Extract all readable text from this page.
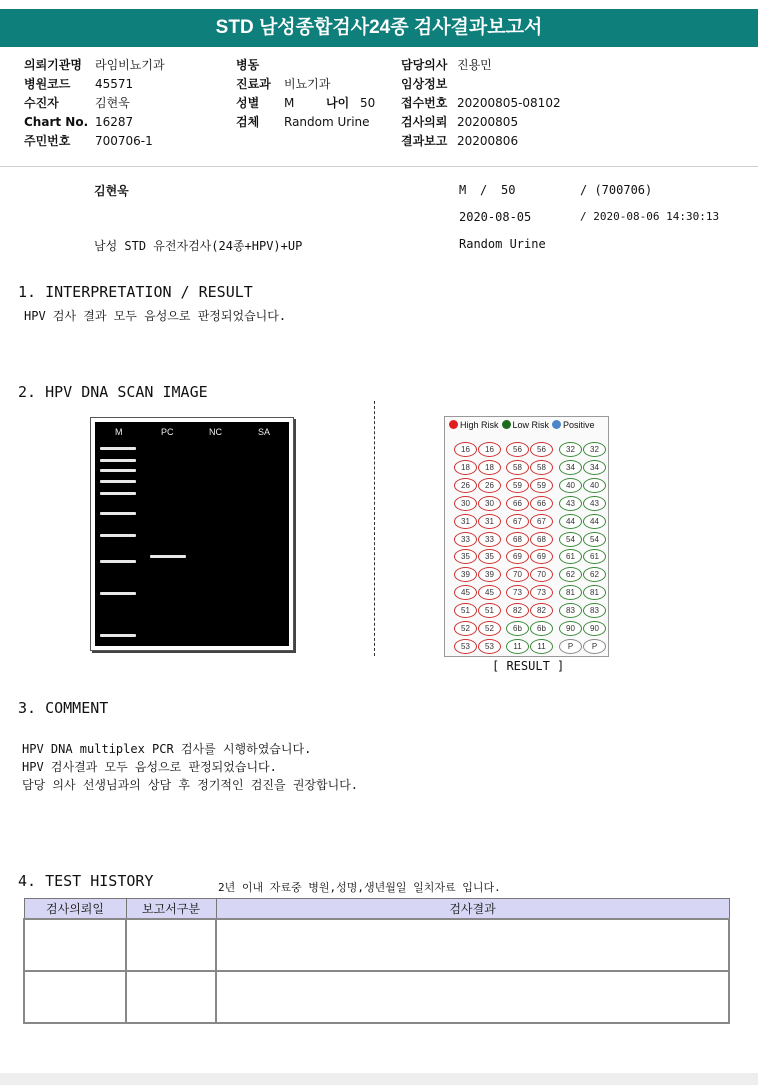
STD 남성종합검사24종 검사결과보고서
의뢰기관명 라임비뇨기과
병원코드 45571
수진자	김현욱
Chart No. 16287
주민번호 700706-1
병동
진료과 비뇨기과
성별 M	나이 50
검체 Random Urine
담당의사 진용민
임상정보
접수번호 20200805-08102
검사의뢰 20200805
결과보고 20200806
김현욱	M / 50	/ (700706)
2020-08-05	/ 2020-08-06 14:30:13
남성 STD 유전자검사(24종+HPV)+UP	Random Urine
1. INTERPRETATION / RESULT
HPV 검사 결과 모두 음성으로 판정되었습니다.
2. HPV DNA SCAN IMAGE
M	PC	NC	SA
High Risk Low Risk Positive
16	16	56	56	32	32
18	18	58	58	34	34
26	26	59	59	40	40
30	30	66	66	43	43
31	31	67	67	44	44
33	33	68	68	54	54
35	35	69	69	61	61
39	39	70	70	62	62
45	45	73	73	81	81
51	51	82	82	83	83
52	52	6b	6b	90	90
53	53	11	11	P	P
[ RESULT ]
3. COMMENT
HPV DNA multiplex PCR 검사를 시행하였습니다.
HPV 검사결과 모두 음성으로 판정되었습니다.
담당 의사 선생님과의 상담 후 정기적인 검진을 권장합니다.
4. TEST HISTORY	2년 이내 자료중 병원,성명,생년월일 일치자료 입니다.
검사의뢰일	보고서구분	검사결과
